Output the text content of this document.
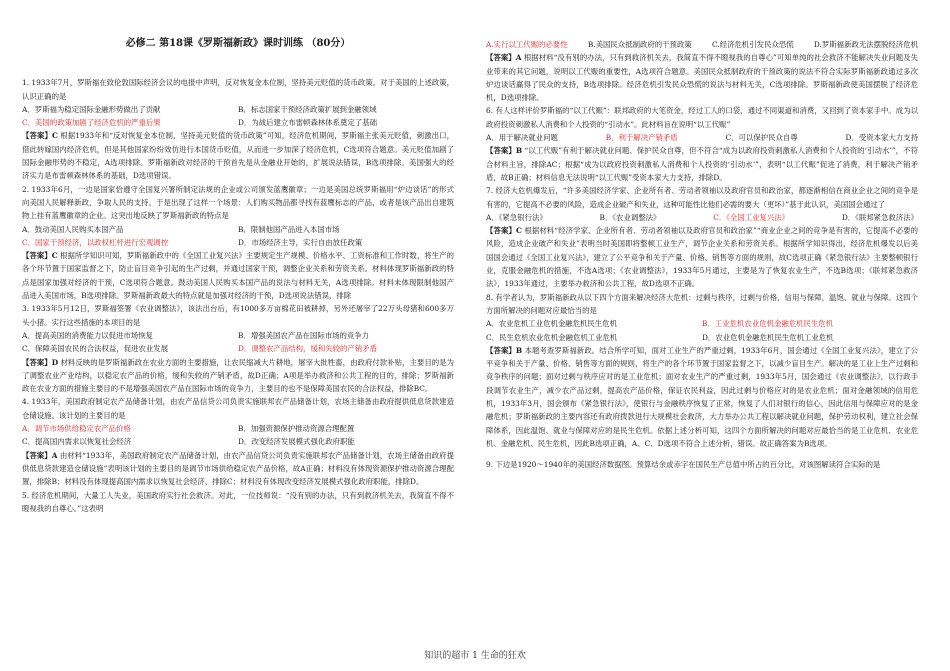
必修二 第18课《罗斯福新政》课时训练 （80分）

1. 1933年7月，罗斯福在致伦敦国际经济会议的电报中声明，反对恢复金本位制，坚持美元贬值的货币政策。对于美国的上述政策，认识正确的是

A．罗斯福为稳定国际金融形势做出了贡献	B．标志国家干预经济政策扩展到金融领域
C．美国的政策加剧了经济危机的严重后果	D．为战后建立布雷顿森林体系奠定了基础

【答案】C 根据1933年和“反对恢复金本位制，坚持美元贬值的货币政策”可知，经济危机期间，罗斯福主张美元贬值，刺激出口，借此转嫁国内经济危机，但是其他国家纷纷效仿进行本国货币贬值，从而进一步加深了经济危机，C选项符合题意。美元贬值加剧了国际金融形势的不稳定，A选项排除。罗斯福新政对经济的干预首先是从金融业开始的，扩展说法错误，B选项排除。美国强大的经济实力是布雷顿森林体系的基础，D选项错误。

2. 1933年6月，一边是国家恰遵守全国复兴署所制定法规的企业或公司颁发蓝鹰徽章；一边是美国总统罗斯福用“炉边谈话”的形式向美国人民解释新政，争取人民的支持。于是出现了这样一个场景：人们购买物品都寻找有蓝鹰标志的产品，或者是该产品出自建筑物上挂有蓝鹰徽章的企业。这突出地反映了罗斯福新政的特点是

A．鼓动美国人民购买本国产品	B．限制他国产品进入本国市场
C．国家干预经济，以政权杠杆进行宏观调控	D．市场经济主导，实行自由放任政策

【答案】C 根据所学知识可知，罗斯福新政中的《全国工业复兴法》主要规定生产规模、价格水平、工资标准和工作时数，将生产的各个环节置于国家监督之下，防止盲目竞争引起的生产过剩，并通过国家干预，调整企业关系和劳资关系。材料体现罗斯福新政的特点是国家加强对经济的干预，C选项符合题意。鼓动美国人民购买本国产品的说法与材料无关，A选项排除。材料未体现限制他国产品进入美国市场，B选项排除。罗斯福新政最大的特点就是加强对经济的干预，D选项说法错误，排除

3. 1933年5月12日，罗斯福签署《农业调整法》，该法出台后，有1000多万亩棉花田被耕掉，另外还屠宰了22万头母猪和600多万头小猪。实行这些措施的本项目的是

A．提高美国的消费能力以促进市场恢复	B．增强美国农产品在国际市场的竞争力
C．保障美国农民的合法权益，促进农业发展	D．调整农产品结构，缓和失较的产销矛盾

【答案】D 材料反映的是罗斯福新政在农业方面的主要措施，让农民缩减大片耕地，屠宰大批牲畜，由政府付款补贴，主要目的是为了调整农业产业结构，以稳定农产品的价格，缓和失较的产销矛盾，故D正确；A项是举办救济和公共工程的目的，排除；罗斯福新政在农业方面的措施主要目的不是增强美国农产品在国际市场的竞争力，主要目的也不是保障美国农民的合法权益，排除BC。

4. 1933年，美国政府制定农产品储备计划，由农产品信贷公司负责实施联邦农产品储备计划，农场主储备由政府提供低息贷款建造仓储设施。该计划的主要目的是

A．调节市场供给稳定农产品价格	B．加强资源保护推动资源合理配置
C．提高国内需求以恢复社会经济	D．改变经济发展模式强化政府职能

【答案】A 由材料“1933年，美国政府制定农产品储备计划，由农产品信贷公司负责实施联邦农产品储备计划，农场主储备由政府提供低息贷款建造仓储设施”表明该计划的主要目的是调节市场供给稳定农产品价格，故A正确；材料没有体现资源保护推动资源合理配置，排除B；材料没有体现提高国内需求以恢复社会经济，排除C；材料没有体现改变经济发展模式强化政府职能，排除D。

5. 经济危机期间，大量工人失业，美国政府实行社会救济。对此，一位技师说：“没有别的办法，只有到救济机关去，我简直不得不瞪视我的自尊心。”这表明

A.实行以工代赈的必要性	B.美国民众抵制政府的干预政策	C.经济危机引发民众恐慌	D.罗斯福新政无法摆脱经济危机

【答案】A 根据材料“没有别的办法，只有到救济机关去，我简直不得不瞪视我的自尊心”可知单纯的社会救济不能解决失业问题及失业带来的其它问题，说明以工代赈的重要性，A选项符合题意。美国民众抵制政府的干预政策的说法不符合实际罗斯福新政通过多次炉边谈话赢得了民众的支持，B选项排除。经济危机引发民众恐慌的说法与材料无关，C选项排除。罗斯福新政使美国摆脱了经济危机，D选项排除。

6. 有人这样评价罗斯福的“以工代赈”：联邦政府的大笔资金，经过工人的口袋，通过不同渠道和消费，又回到了资本家手中。成为以政府投资刺激私人消费和个人投资的“引动水”。此材料旨在说明“以工代赈”

A．用于解决就业问题	B．利于解决产销矛盾	C．可以保护民众自尊	D．受资本家大力支持

【答案】B “以工代赈”有利于解决就业问题、保护民众自尊，但不符合“成为以政府投资刺激私人消费和个人投资的‘引动水’”，不符合材料主旨，排除AC；根据“成为以政府投资刺激私人消费和个人投资的‘引动水’”，表明“以工代赈”促进了消费，利于解决产销矛盾，故B正确；材料信息无法说明“以工代赈”受资本家大力支持，排除D。

7. 经济大危机爆发后，“许多美国经济学家、企业所有者、劳动者领袖以及政府官员和政治家，都逐渐相信在商业企业之间的竞争是有害的，它提高不必要的风险，造成企业破产和失业，这种可能性比他们必需的要大（更坏）”基于此认识，美国国会通过了

A．《紧急银行法》	B．《农业调整法》	C．《全国工业复兴法》	D．《联邦紧急救济法》

【答案】C 根据材料“经济学家、企业所有者、劳动者领袖以及政府官员和政治家”“商业企业之间的竞争是有害的，它提高不必要的风险，造成企业破产和失业”表明当时美国即将整顿工业生产，调节企业关系和劳资关系。根据所学知识得出，经济危机爆发以后美国国会通过《全国工业复兴法》，建立了公平竞争和关于产量、价格、销售等方面的规则，故C选项正确《紧急银行法》主要整顿银行业，克服金融危机的措施，不选A选项；《农业调整法》，1933年5月通过，主要是为了恢复农业生产，不选B选项；《联邦紧急救济法》，1933年通过，主要举办救济和公共工程，故D选项不正确。

8. 有学者认为，罗斯福新政从以下四个方面来解决经济大危机：过剩与秩序，过剩与价格，信用与保障，温饱、就业与保障。这四个方面所解决的问题对应最恰当的是

A．农业危机工业危机金融危机民生危机	B．工业危机农业危机金融危机民生危机
C．民生危机农业危机金融危机工业危机	D．农业危机金融危机民生危机工业危机

【答案】B 本题考查罗斯福新政。结合所学可知，面对工业生产的严重过剩，1933年6月，国会通过《全国工业复兴法》，建立了公平竞争和关于产量、价格、销售等方面的规则，将生产的各个环节置于国家监督之下，以减少盲目生产。解决的是工业上生产过剩和竞争秩序的问题；面对过剩与秩序应对的是工业危机；面对农业生产的严重过剩，1933年5月，国会通过《农业调整法》，以行政手段调节农业生产，减少农产品过剩，提高农产品价格，保证农民利益，因此过剩与价格应对的是农业危机；面对金融领域的信用危机，1933年3月，国会颁布《紧急银行法》，使银行与金融秩序恢复了正常，恢复了人们对银行的信心，因此信用与保障应对的是金融危机；罗斯福新政的主要内容还有政府拨款进行大规模社会救济，大力举办公共工程以解决就业问题，保护劳动权利，建立社会保障体系，因此温饱、就业与保障对应的是民生危机。依据上述分析可知，这四个方面所解决的问题对应最恰当的是工业危机、农业危机、金融危机、民生危机，因此B选项正确，A、C、D选项不符合上述分析，错误。故正确答案为B选项。

9. 下边是1920～1940年的美国经济数据图。预算结余或赤字在国民生产总值中所占的百分比，对该图解读符合实际的是

知识的超市 1 生命的狂欢
